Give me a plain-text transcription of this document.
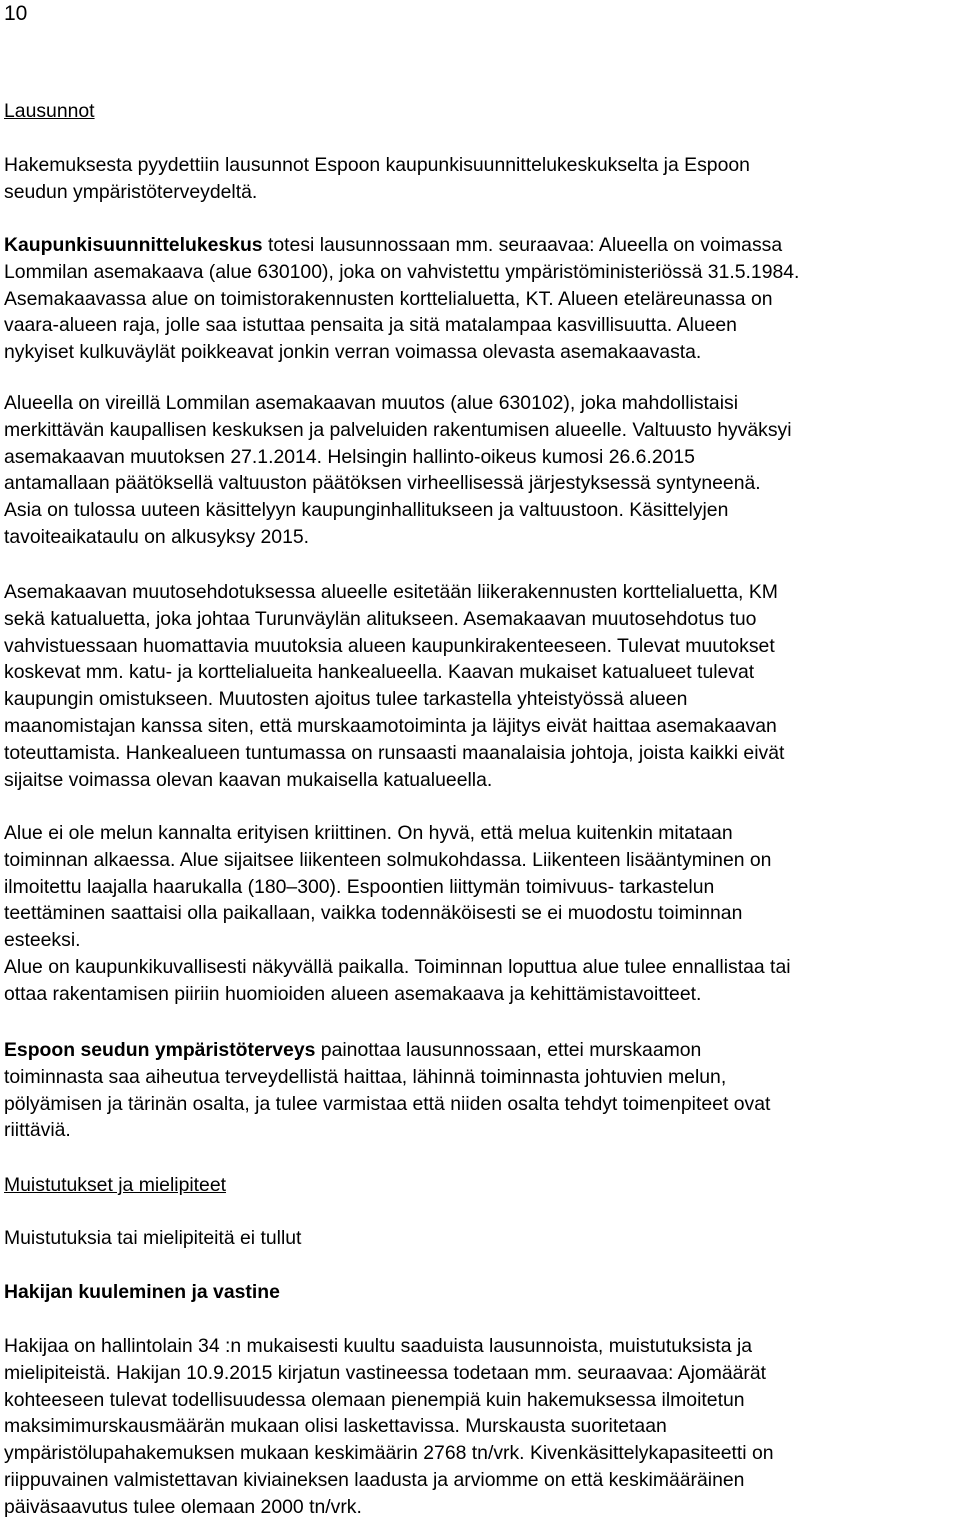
10
Lausunnot
Hakemuksesta pyydettiin lausunnot Espoon kaupunkisuunnittelukeskukselta ja Espoon
seudun ympäristöterveydeltä.
Kaupunkisuunnittelukeskus totesi lausunnossaan mm. seuraavaa: Alueella on voimassa
Lommilan asemakaava (alue 630100), joka on vahvistettu ympäristöministeriössä 31.5.1984.
Asemakaavassa alue on toimistorakennusten korttelialuetta, KT. Alueen eteläreunassa on
vaara-alueen raja, jolle saa istuttaa pensaita ja sitä matalampaa kasvillisuutta. Alueen
nykyiset kulkuväylät poikkeavat jonkin verran voimassa olevasta asemakaavasta.
Alueella on vireillä Lommilan asemakaavan muutos (alue 630102), joka mahdollistaisi
merkittävän kaupallisen keskuksen ja palveluiden rakentumisen alueelle. Valtuusto hyväksyi
asemakaavan muutoksen 27.1.2014. Helsingin hallinto-oikeus kumosi 26.6.2015
antamallaan päätöksellä valtuuston päätöksen virheellisessä järjestyksessä syntyneenä.
Asia on tulossa uuteen käsittelyyn kaupunginhallitukseen ja valtuustoon. Käsittelyjen
tavoiteaikataulu on alkusyksy 2015.
Asemakaavan muutosehdotuksessa alueelle esitetään liikerakennusten korttelialuetta, KM
sekä katualuetta, joka johtaa Turunväylän alitukseen. Asemakaavan muutosehdotus tuo
vahvistuessaan huomattavia muutoksia alueen kaupunkirakenteeseen. Tulevat muutokset
koskevat mm. katu- ja korttelialueita hankealueella. Kaavan mukaiset katualueet tulevat
kaupungin omistukseen. Muutosten ajoitus tulee tarkastella yhteistyössä alueen
maanomistajan kanssa siten, että murskaamotoiminta ja läjitys eivät haittaa asemakaavan
toteuttamista. Hankealueen tuntumassa on runsaasti maanalaisia johtoja, joista kaikki eivät
sijaitse voimassa olevan kaavan mukaisella katualueella.
Alue ei ole melun kannalta erityisen kriittinen. On hyvä, että melua kuitenkin mitataan
toiminnan alkaessa. Alue sijaitsee liikenteen solmukohdassa. Liikenteen lisääntyminen on
ilmoitettu laajalla haarukalla (180–300). Espoontien liittymän toimivuus- tarkastelun
teettäminen saattaisi olla paikallaan, vaikka todennäköisesti se ei muodostu toiminnan
esteeksi.
Alue on kaupunkikuvallisesti näkyvällä paikalla. Toiminnan loputtua alue tulee ennallistaa tai
ottaa rakentamisen piiriin huomioiden alueen asemakaava ja kehittämistavoitteet.
Espoon seudun ympäristöterveys painottaa lausunnossaan, ettei murskaamon
toiminnasta saa aiheutua terveydellistä haittaa, lähinnä toiminnasta johtuvien melun,
pölyämisen ja tärinän osalta, ja tulee varmistaa että niiden osalta tehdyt toimenpiteet ovat
riittäviä.
Muistutukset ja mielipiteet
Muistutuksia tai mielipiteitä ei tullut
Hakijan kuuleminen ja vastine
Hakijaa on hallintolain 34 :n mukaisesti kuultu saaduista lausunnoista, muistutuksista ja
mielipiteistä. Hakijan 10.9.2015 kirjatun vastineessa todetaan mm. seuraavaa: Ajomäärät
kohteeseen tulevat todellisuudessa olemaan pienempiä kuin hakemuksessa ilmoitetun
maksimimurskausmäärän mukaan olisi laskettavissa. Murskausta suoritetaan
ympäristölupahakemuksen mukaan keskimäärin 2768 tn/vrk. Kivenkäsittelykapasiteetti on
riippuvainen valmistettavan kiviaineksen laadusta ja arviomme on että keskimääräinen
päiväsaavutus tulee olemaan 2000 tn/vrk.
